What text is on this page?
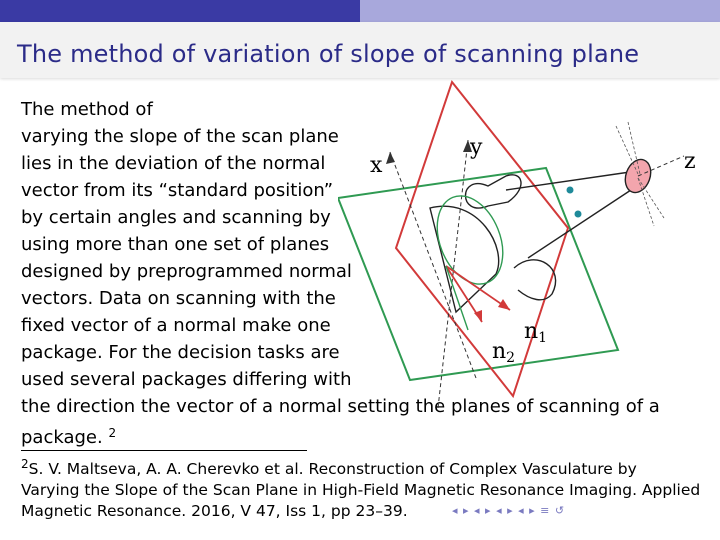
The method of variation of slope of scanning plane
The method of
varying the slope of the scan plane
lies in the deviation of the normal
vector from its “standard position”
by certain angles and scanning by
using more than one set of planes
designed by preprogrammed normal
vectors. Data on scanning with the
fixed vector of a normal make one
package. For the decision tasks are
used several packages differing with
the direction the vector of a normal setting the planes of scanning of a
package. $^2$
$^2$S. V. Maltseva, A. A. Cherevko et al. Reconstruction of Complex Vasculature by
Varying the Slope of the Scan Plane in High-Field Magnetic Resonance Imaging. Applied
Magnetic Resonance. 2016, V 47, Iss 1, pp 23–39.
x
y
z
n1
n2
◂ ▸ ◂ ▸ ◂ ▸ ◂ ▸ ≡ ↺
